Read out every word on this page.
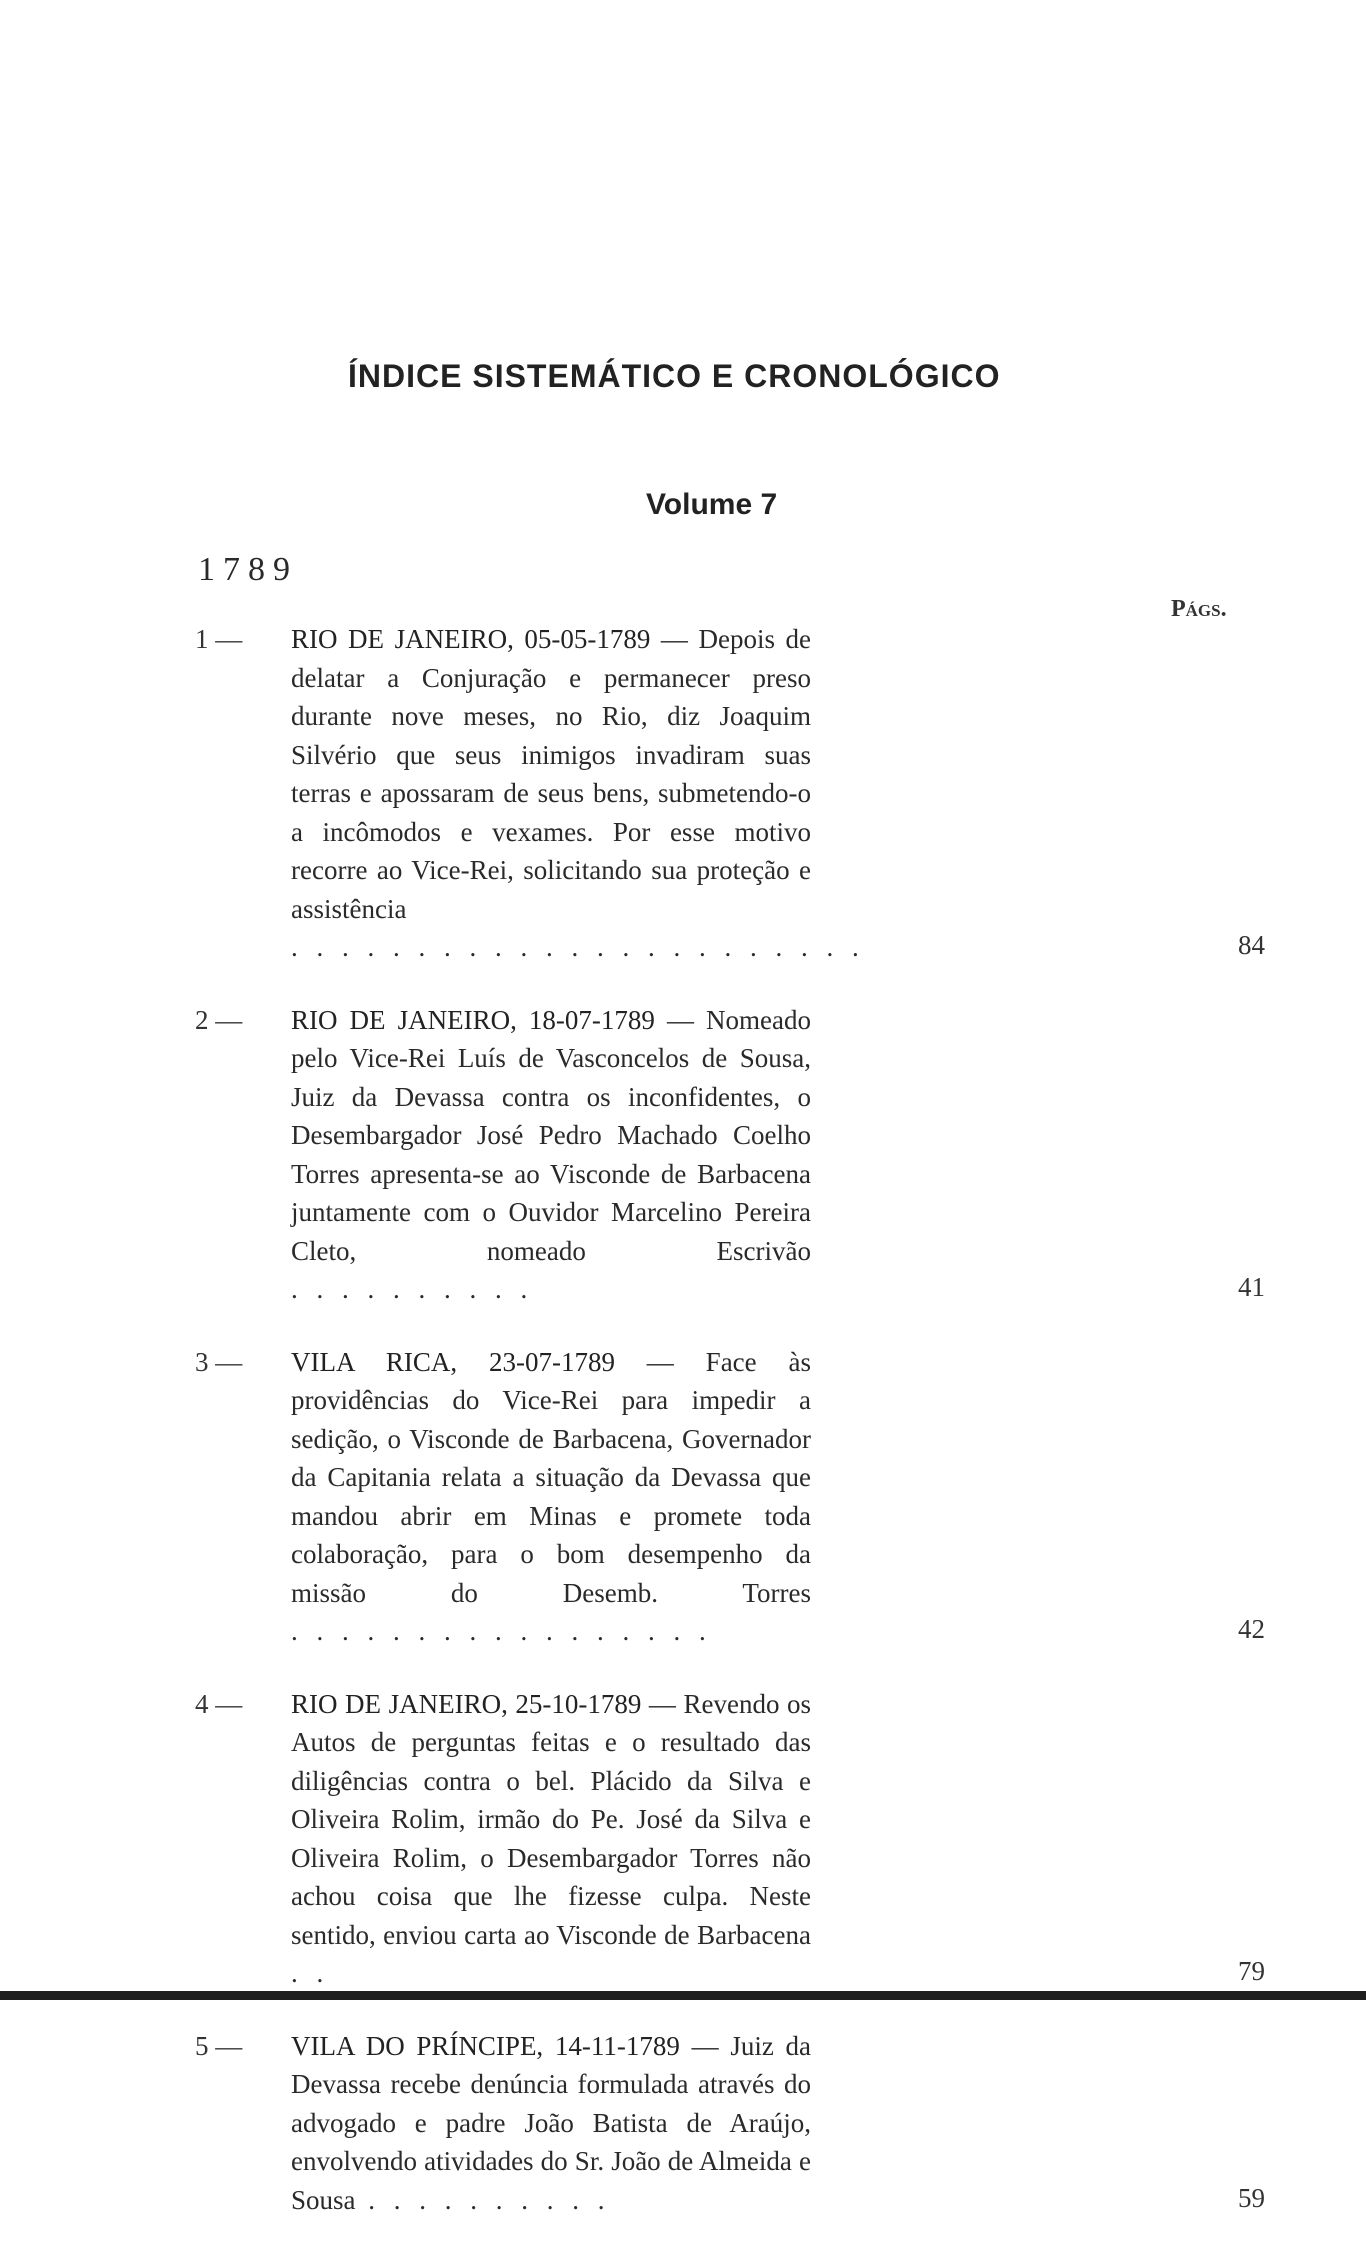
ÍNDICE SISTEMÁTICO E CRONOLÓGICO
Volume 7
1789
Págs.
1 —	RIO DE JANEIRO, 05-05-1789 — Depois de delatar a Conjuração e permanecer preso durante nove meses, no Rio, diz Joaquim Silvério que seus inimigos invadiram suas terras e apossaram de seus bens, submetendo-o a incômodos e vexames. Por esse motivo recorre ao Vice-Rei, solicitando sua proteção e assistência . . . . . . . . . . . . . . . . . . . . . . .	84
2 —	RIO DE JANEIRO, 18-07-1789 — Nomeado pelo Vice-Rei Luís de Vasconcelos de Sousa, Juiz da Devassa contra os inconfidentes, o Desembargador José Pedro Machado Coelho Torres apresenta-se ao Visconde de Barbacena juntamente com o Ouvidor Marcelino Pereira Cleto, nomeado Escrivão . . . . . . . . . .	41
3 —	VILA RICA, 23-07-1789 — Face às providências do Vice-Rei para impedir a sedição, o Visconde de Barbacena, Governador da Capitania relata a situação da Devassa que mandou abrir em Minas e promete toda colaboração, para o bom desempenho da missão do Desemb. Torres . . . . . . . . . . . . . . . . .	42
4 —	RIO DE JANEIRO, 25-10-1789 — Revendo os Autos de perguntas feitas e o resultado das diligências contra o bel. Plácido da Silva e Oliveira Rolim, irmão do Pe. José da Silva e Oliveira Rolim, o Desembargador Torres não achou coisa que lhe fizesse culpa. Neste sentido, enviou carta ao Visconde de Barbacena . .	79
5 —	VILA DO PRÍNCIPE, 14-11-1789 — Juiz da Devassa recebe denúncia formulada através do advogado e padre João Batista de Araújo, envolvendo atividades do Sr. João de Almeida e Sousa . . . . . . . . . .	59
